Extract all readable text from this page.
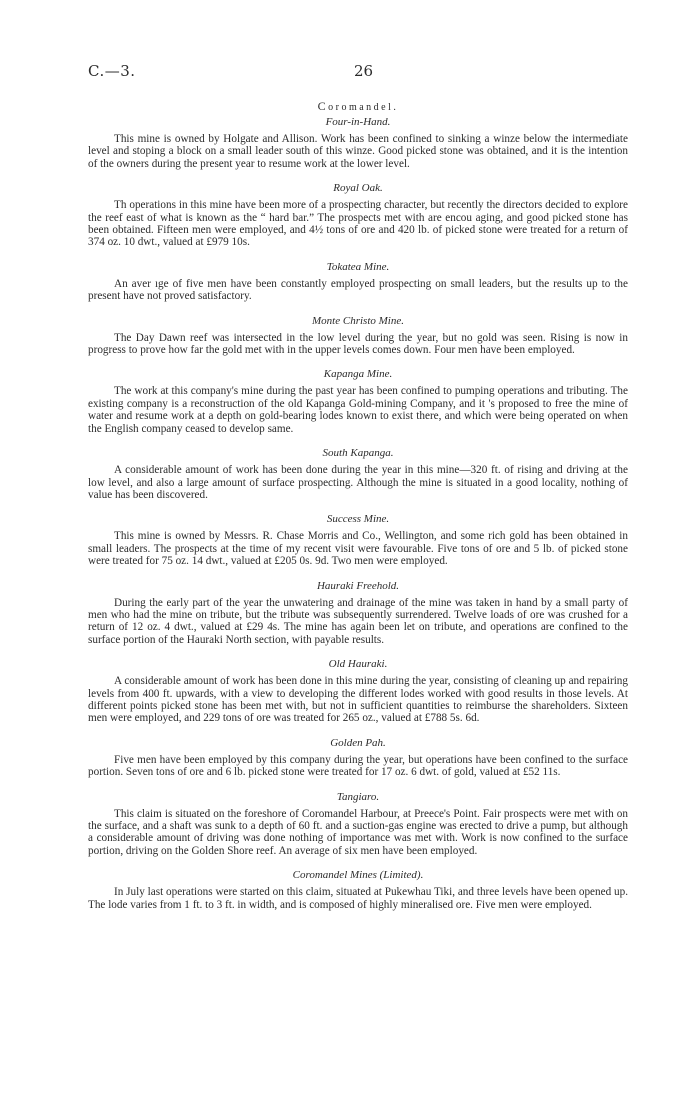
C.—3.	26
Coromandel.
Four-in-Hand.

This mine is owned by Holgate and Allison. Work has been confined to sinking a winze below the intermediate level and stoping a block on a small leader south of this winze. Good picked stone was obtained, and it is the intention of the owners during the present year to resume work at the lower level.

Royal Oak.

Th operations in this mine have been more of a prospecting character, but recently the directors decided to explore the reef east of what is known as the “ hard bar.” The prospects met with are encou aging, and good picked stone has been obtained. Fifteen men were employed, and 4½ tons of ore and 420 lb. of picked stone were treated for a return of 374 oz. 10 dwt., valued at £979 10s.

Tokatea Mine.

An aver ıge of five men have been constantly employed prospecting on small leaders, but the results up to the present have not proved satisfactory.

Monte Christo Mine.

The Day Dawn reef was intersected in the low level during the year, but no gold was seen. Rising is now in progress to prove how far the gold met with in the upper levels comes down. Four men have been employed.

Kapanga Mine.

The work at this company's mine during the past year has been confined to pumping operations and tributing. The existing company is a reconstruction of the old Kapanga Gold-mining Company, and it 's proposed to free the mine of water and resume work at a depth on gold-bearing lodes known to exist there, and which were being operated on when the English company ceased to develop same.

South Kapanga.

A considerable amount of work has been done during the year in this mine—320 ft. of rising and driving at the low level, and also a large amount of surface prospecting. Although the mine is situated in a good locality, nothing of value has been discovered.

Success Mine.

This mine is owned by Messrs. R. Chase Morris and Co., Wellington, and some rich gold has been obtained in small leaders. The prospects at the time of my recent visit were favourable. Five tons of ore and 5 lb. of picked stone were treated for 75 oz. 14 dwt., valued at £205 0s. 9d. Two men were employed.

Hauraki Freehold.

During the early part of the year the unwatering and drainage of the mine was taken in hand by a small party of men who had the mine on tribute, but the tribute was subsequently surrendered. Twelve loads of ore was crushed for a return of 12 oz. 4 dwt., valued at £29 4s. The mine has again been let on tribute, and operations are confined to the surface portion of the Hauraki North section, with payable results.

Old Hauraki.

A considerable amount of work has been done in this mine during the year, consisting of cleaning up and repairing levels from 400 ft. upwards, with a view to developing the different lodes worked with good results in those levels. At different points picked stone has been met with, but not in sufficient quantities to reimburse the shareholders. Sixteen men were employed, and 229 tons of ore was treated for 265 oz., valued at £788 5s. 6d.

Golden Pah.

Five men have been employed by this company during the year, but operations have been confined to the surface portion. Seven tons of ore and 6 lb. picked stone were treated for 17 oz. 6 dwt. of gold, valued at £52 11s.

Tangiaro.

This claim is situated on the foreshore of Coromandel Harbour, at Preece's Point. Fair prospects were met with on the surface, and a shaft was sunk to a depth of 60 ft. and a suction-gas engine was erected to drive a pump, but although a considerable amount of driving was done nothing of importance was met with. Work is now confined to the surface portion, driving on the Golden Shore reef. An average of six men have been employed.

Coromandel Mines (Limited).

In July last operations were started on this claim, situated at Pukewhau Tiki, and three levels have been opened up. The lode varies from 1 ft. to 3 ft. in width, and is composed of highly mineralised ore. Five men were employed.
